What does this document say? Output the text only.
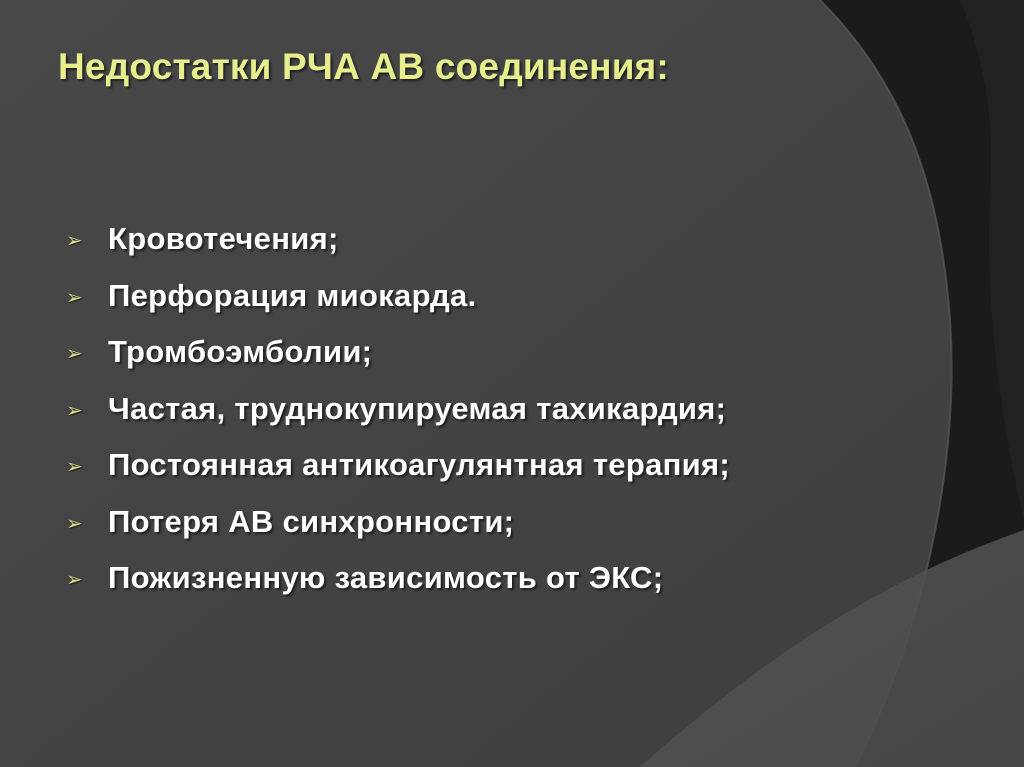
Недостатки РЧА АВ соединения:
➢ Кровотечения;
➢ Перфорация миокарда.
➢ Тромбоэмболии;
➢ Частая, труднокупируемая тахикардия;
➢ Постоянная антикоагулянтная терапия;
➢ Потеря АВ синхронности;
➢ Пожизненную зависимость от ЭКС;
